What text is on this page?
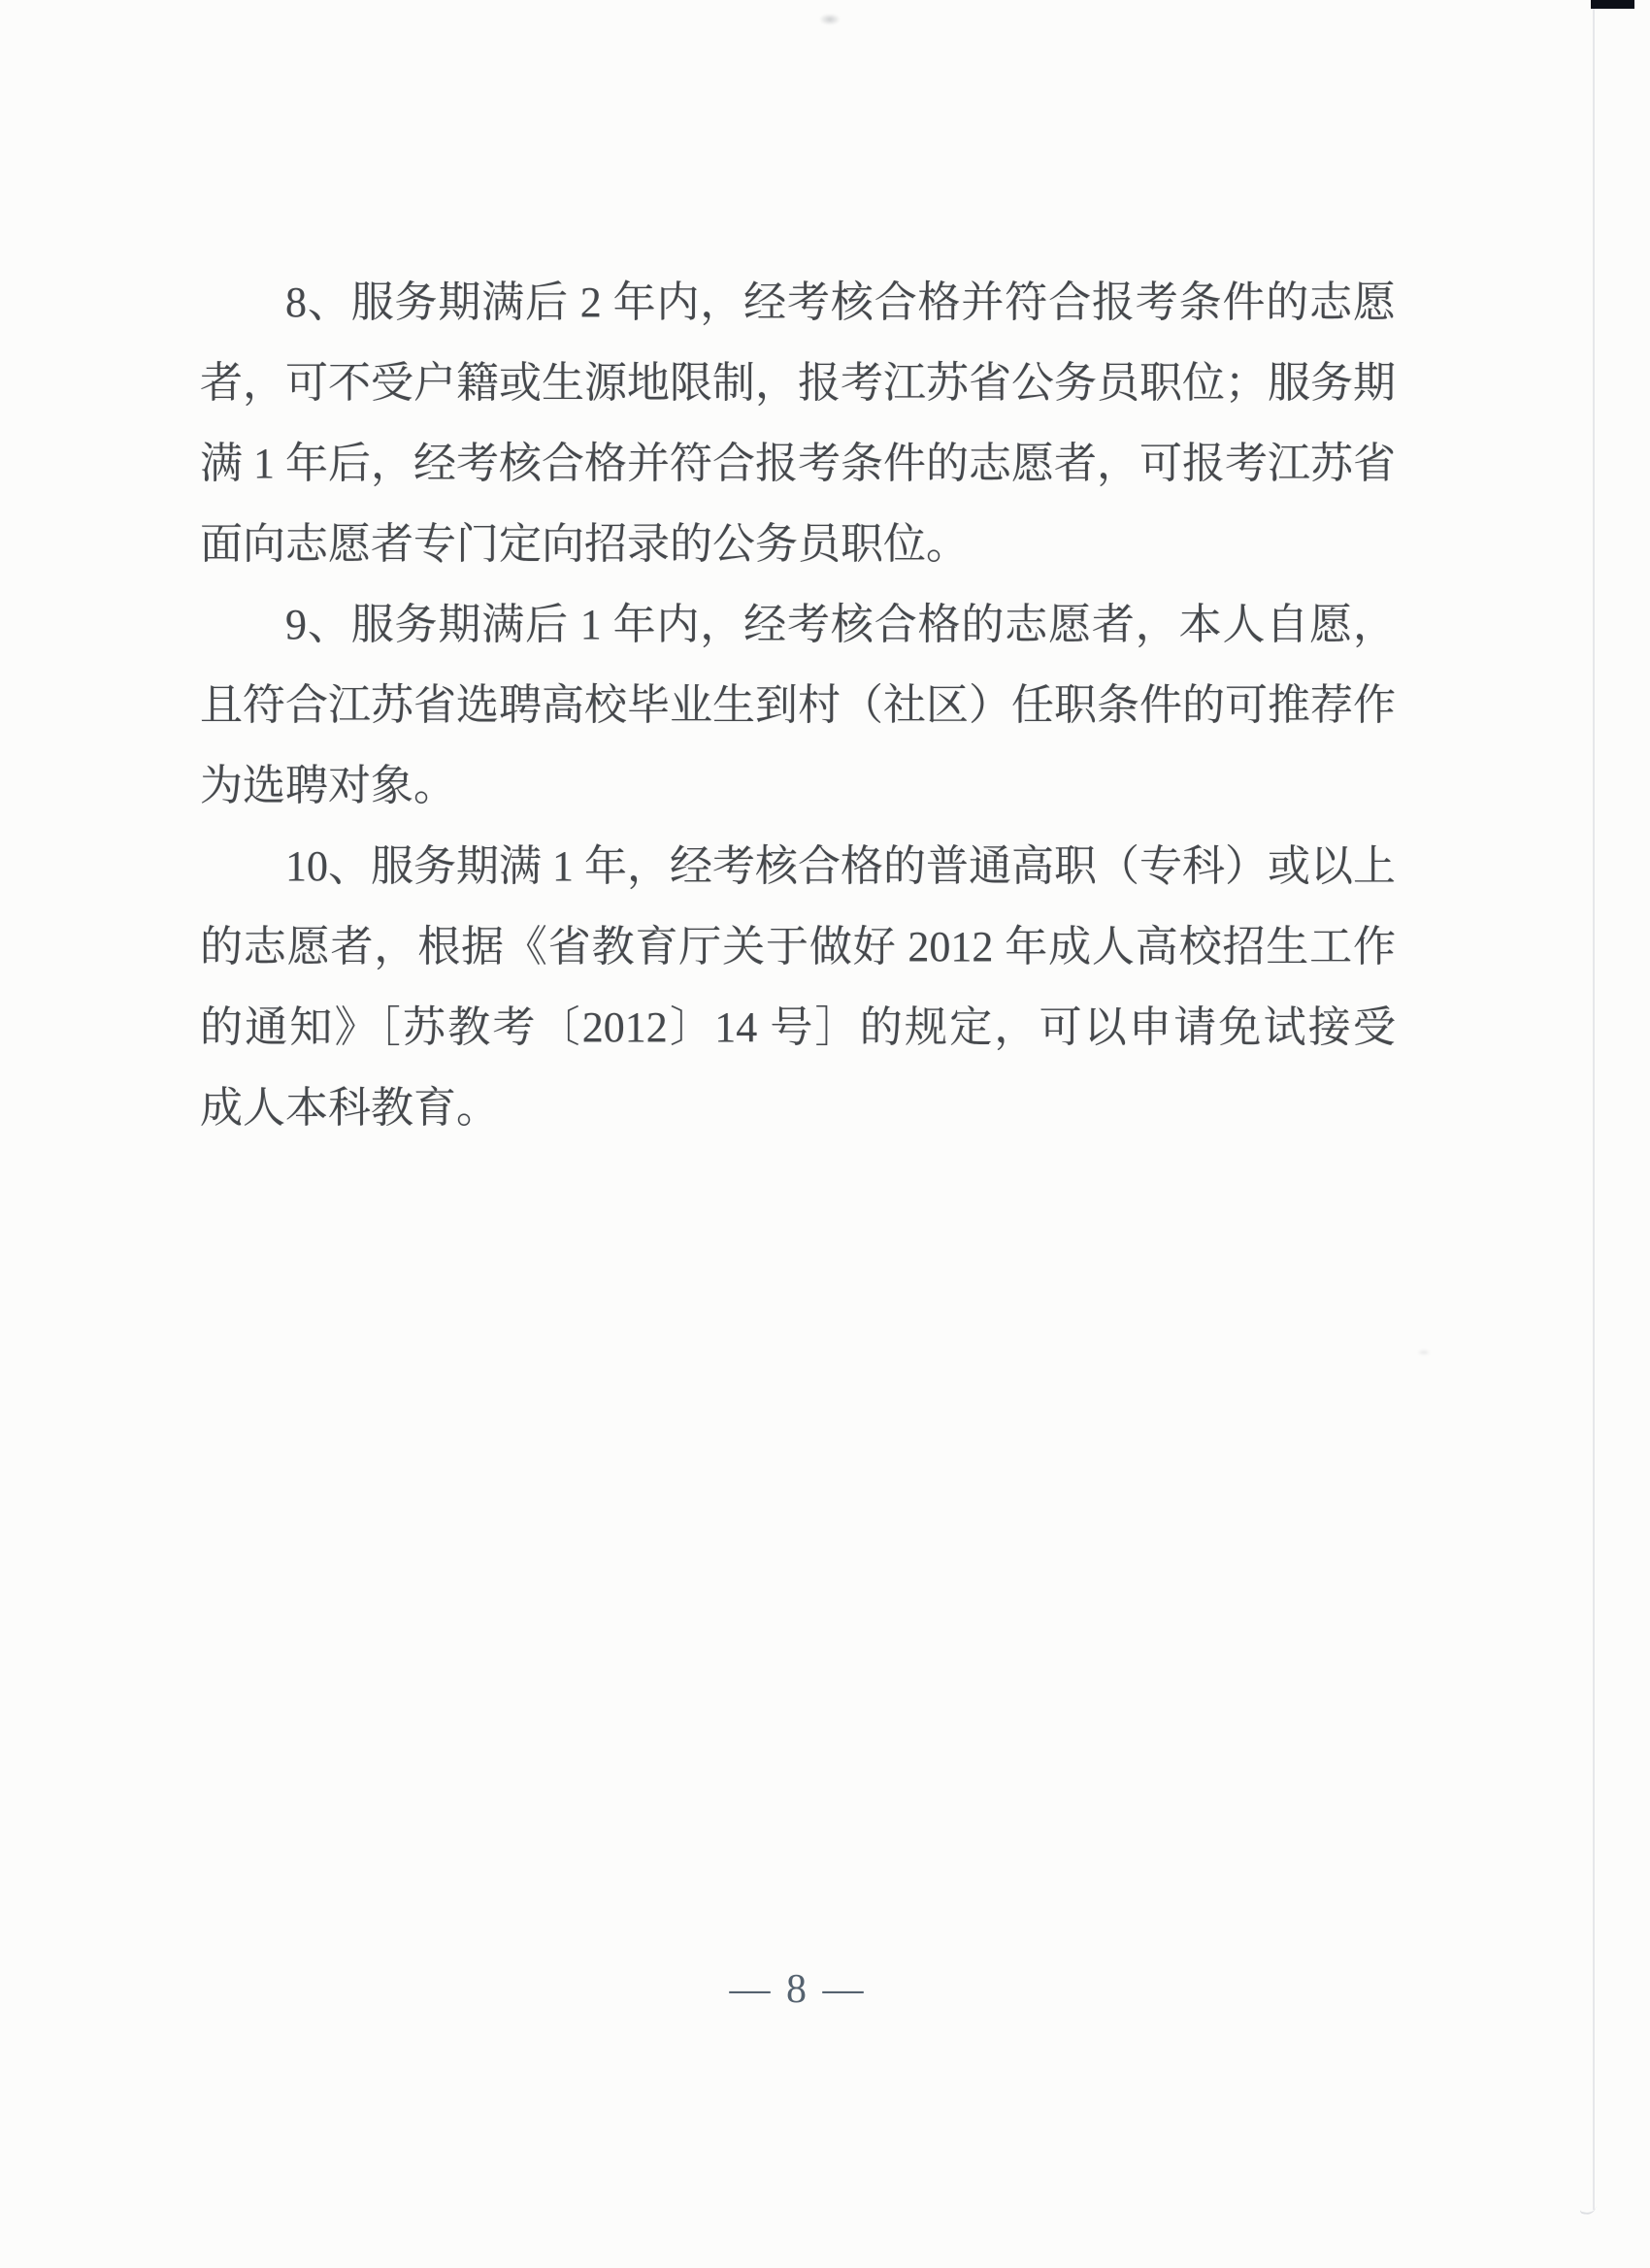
8、服务期满后 2 年内，经考核合格并符合报考条件的志愿
者，可不受户籍或生源地限制，报考江苏省公务员职位；服务期
满 1 年后，经考核合格并符合报考条件的志愿者，可报考江苏省
面向志愿者专门定向招录的公务员职位。

9、服务期满后 1 年内，经考核合格的志愿者，本人自愿，
且符合江苏省选聘高校毕业生到村（社区）任职条件的可推荐作
为选聘对象。

10、服务期满 1 年，经考核合格的普通高职（专科）或以上
的志愿者，根据《省教育厅关于做好 2012 年成人高校招生工作
的通知》［苏教考〔2012〕14 号］的规定，可以申请免试接受
成人本科教育。

— 8 —
